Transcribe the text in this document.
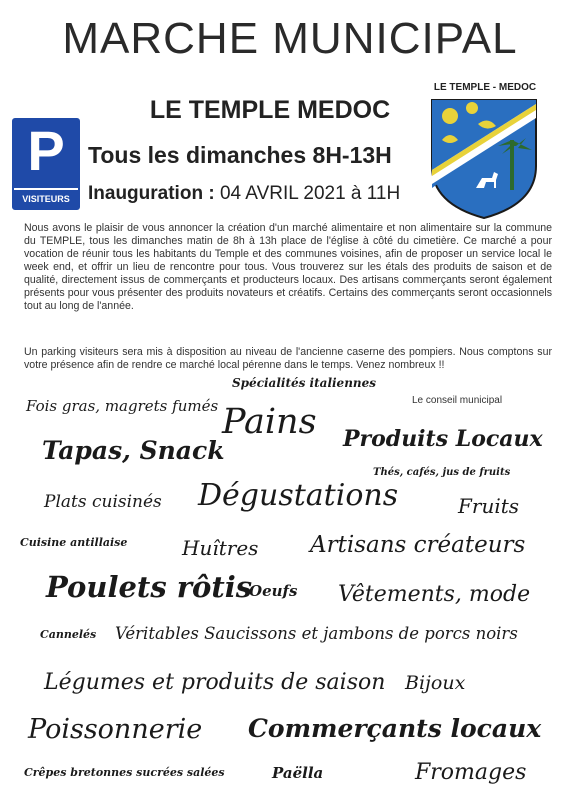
MARCHE MUNICIPAL
LE TEMPLE MEDOC
Tous les dimanches 8H-13H
Inauguration : 04 AVRIL 2021 à 11H
P
VISITEURS
LE TEMPLE - MEDOC
Nous avons le plaisir de vous annoncer la création d'un marché alimentaire et non alimentaire sur la commune du TEMPLE, tous les dimanches matin de 8h à 13h place de l'église à côté du cimetière. Ce marché a pour vocation de réunir tous les habitants du Temple et des communes voisines, afin de proposer un service local le week end, et offrir un lieu de rencontre pour tous. Vous trouverez sur les étals des produits de saison et de qualité, directement issus de commerçants et producteurs locaux. Des artisans commerçants seront également présents pour vous présenter des produits novateurs et créatifs. Certains des commerçants seront occasionnels tout au long de l'année.
Un parking visiteurs sera mis à disposition au niveau de l'ancienne caserne des pompiers. Nous comptons sur votre présence afin de rendre ce marché local pérenne dans le temps. Venez nombreux !!
Le conseil municipal
Spécialités italiennes
Fois gras, magrets fumés Pains Produits Locaux
Tapas, Snack
Thés, cafés, jus de fruits
Plats cuisinés Dégustations	Fruits
Cuisine antillaise	Huîtres Artisans créateurs
Poulets rôtis
Oeufs Vêtements, mode
Cannelés Véritables Saucissons et jambons de porcs noirs
Légumes et produits de saison Bijoux
Poissonnerie Commerçants locaux
Crêpes bretonnes sucrées salées	Paëlla	Fromages
